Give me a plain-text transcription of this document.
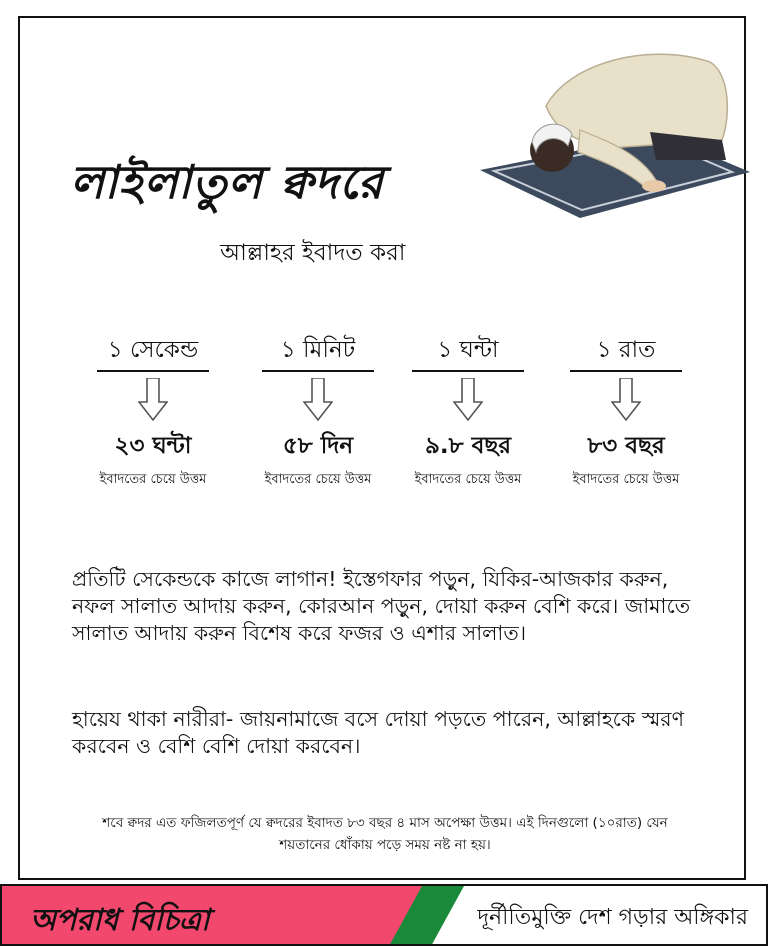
লাইলাতুল ক্বদরে
আল্লাহর ইবাদত করা
১ সেকেন্ড
২৩ ঘন্টা
ইবাদতের চেয়ে উত্তম
১ মিনিট
৫৮ দিন
ইবাদতের চেয়ে উত্তম
১ ঘন্টা
৯.৮ বছর
ইবাদতের চেয়ে উত্তম
১ রাত
৮৩ বছর
ইবাদতের চেয়ে উত্তম
প্রতিটি সেকেন্ডকে কাজে লাগান! ইস্তেগফার পড়ুন, যিকির-আজকার করুন, নফল সালাত আদায় করুন, কোরআন পড়ুন, দোয়া করুন বেশি করে। জামাতে সালাত আদায় করুন বিশেষ করে ফজর ও এশার সালাত।
হায়েয থাকা নারীরা- জায়নামাজে বসে দোয়া পড়তে পারেন, আল্লাহকে স্মরণ করবেন ও বেশি বেশি দোয়া করবেন।
শবে ক্বদর এত ফজিলতপূর্ণ যে ক্বদরের ইবাদত ৮৩ বছর ৪ মাস অপেক্ষা উত্তম। এই দিনগুলো (১০রাত) যেন শয়তানের ধোঁকায় পড়ে সময় নষ্ট না হয়।
অপরাধ বিচিত্রা	দূর্নীতিমুক্তি দেশ গড়ার অঙ্গিকার
